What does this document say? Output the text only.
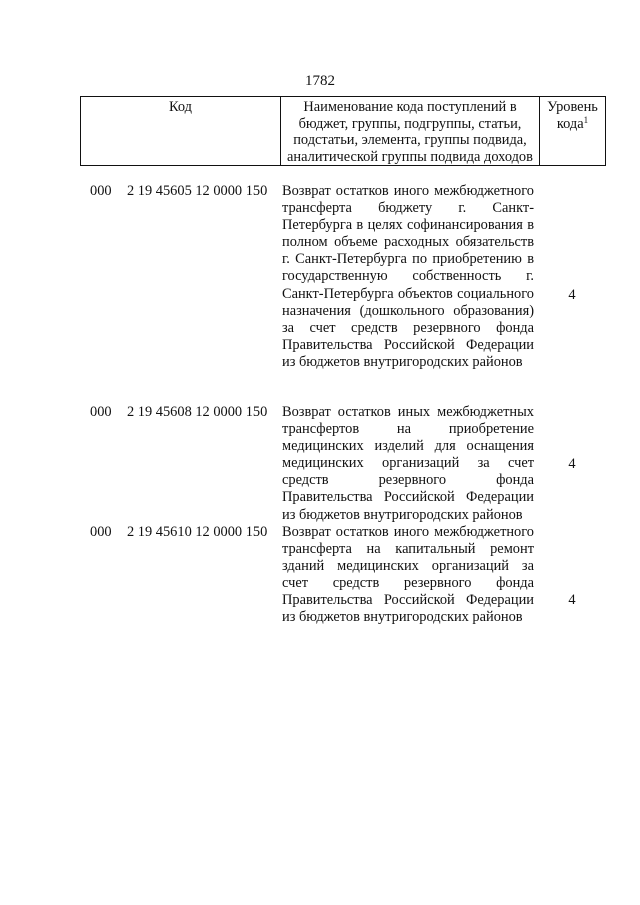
1782
Код	Наименование кода поступлений в бюджет, группы, подгруппы, статьи, подстатьи, элемента, группы подвида, аналитической группы подвида доходов
Уровень кода$^1$
000 2 19 45605 12 0000 150 Возврат остатков иного межбюджетного трансферта бюджету г. Санкт-Петербурга в целях софинансирования в полном объеме расходных обязательств г. Санкт-Петербурга по приобретению в государственную собственность г. Санкт-Петербурга объектов социального назначения (дошкольного образования) за счет средств резервного фонда Правительства Российской Федерации из бюджетов внутригородских районов
4
000 2 19 45608 12 0000 150 Возврат остатков иных межбюджетных трансфертов на приобретение медицинских изделий для оснащения медицинских организаций за счет средств резервного фонда Правительства Российской Федерации из бюджетов внутригородских районов
4
000 2 19 45610 12 0000 150 Возврат остатков иного межбюджетного трансферта на капитальный ремонт зданий медицинских организаций за счет средств резервного фонда Правительства Российской Федерации из бюджетов внутригородских районов
4
